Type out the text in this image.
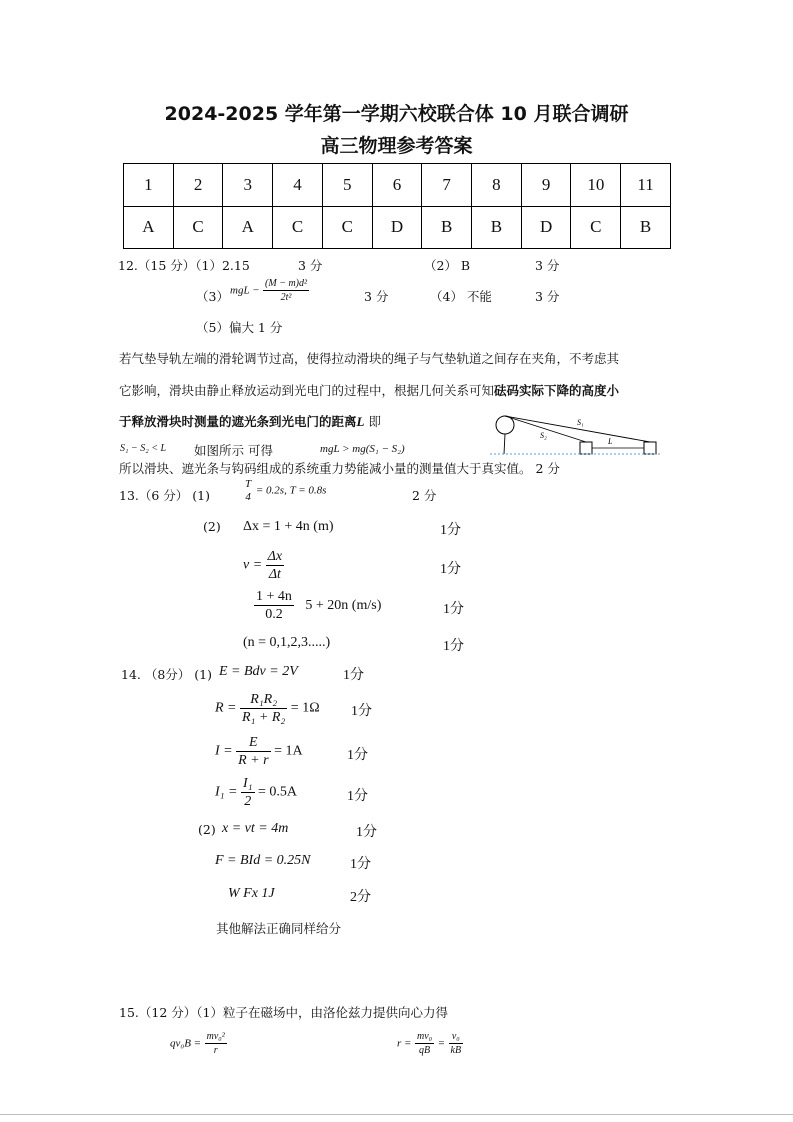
2024-2025 学年第一学期六校联合体 10 月联合调研
高三物理参考答案
1	2	3	4	5	6	7	8	9	10	11
A	C	A	C	C	D	B	B	D	C	B
12.（15 分）（1）2.15	3 分	（2） B	3 分
（3） mgL − $\frac{\text{(M − m)d²}}{\text{2t²}}$	3 分	（4） 不能	3 分
（5）偏大 1 分
若气垫导轨左端的滑轮调节过高，使得拉动滑块的绳子与气垫轨道之间存在夹角，不考虑其
它影响，滑块由静止释放运动到光电门的过程中，根据几何关系可知砝码实际下降的高度小
于释放滑块时测量的遮光条到光电门的距离L 即	S₁
S₂
L
S₁ − S₂ < L 如图所示 可得	mgL > mg(S₁ − S₂)
所以滑块、遮光条与钩码组成的系统重力势能减小量的测量值大于真实值。 2 分
13.（6 分） (1)
T
4
= 0.2s, T = 0.8s	2 分
(2) Δx = 1 + 4n (m)	1分
$v = \frac{\Delta x}{\Delta t}$	1分
$\frac{1 + 4n}{0.2} 5 + 20n$ (m/s)	1分
(n = 0,1,2,3.....)	1分
14. （8分） (1) E = Bdv = 2V	1分
$R = \frac{\text{R₁R₂}}{\text{R₁ + R₂}} = 1\Omega$ 1分
$I = \frac{E}{R + r} = 1A$	1分
$I_1 = \frac{\text{I₁}}{2} = 0.5A$	1分
(2) x = vt = 4m	1分
F = BId = 0.25N	1分
W Fx 1J	2分
其他解法正确同样给分
15.（12 分）（1）粒子在磁场中，由洛伦兹力提供向心力得
$qv_0B = \frac{\text{mv₀²}}{r}$	$r = \frac{\text{mv₀}}{qB} = \frac{\text{v₀}}{kB}$
